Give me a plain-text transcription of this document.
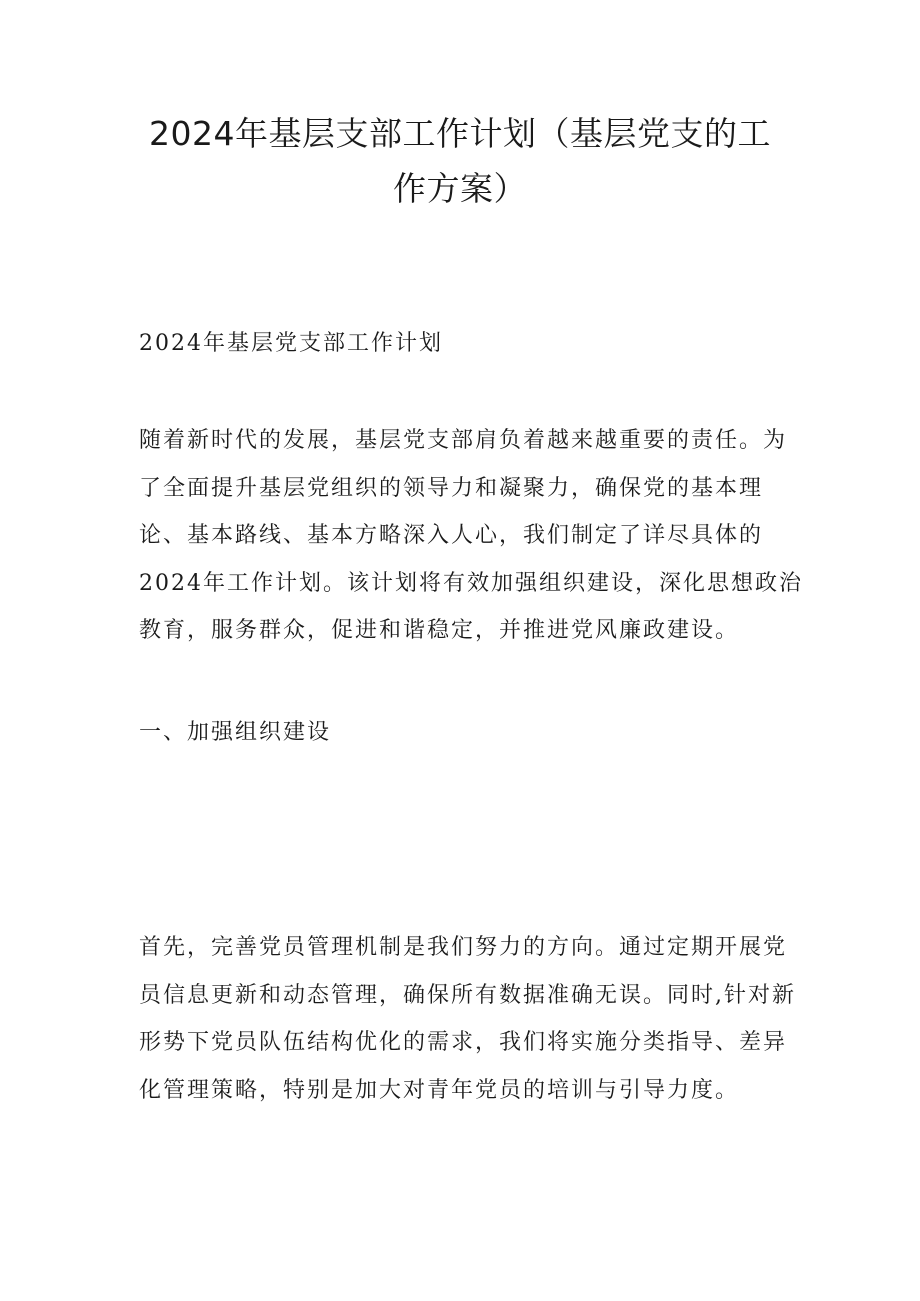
2024年基层支部工作计划（基层党支的工
作方案）

2024年基层党支部工作计划

随着新时代的发展，基层党支部肩负着越来越重要的责任。为
了全面提升基层党组织的领导力和凝聚力，确保党的基本理
论、基本路线、基本方略深入人心，我们制定了详尽具体的
2024年工作计划。该计划将有效加强组织建设，深化思想政治
教育，服务群众，促进和谐稳定，并推进党风廉政建设。

一、加强组织建设

首先，完善党员管理机制是我们努力的方向。通过定期开展党
员信息更新和动态管理，确保所有数据准确无误。同时,针对新
形势下党员队伍结构优化的需求，我们将实施分类指导、差异
化管理策略，特别是加大对青年党员的培训与引导力度。
